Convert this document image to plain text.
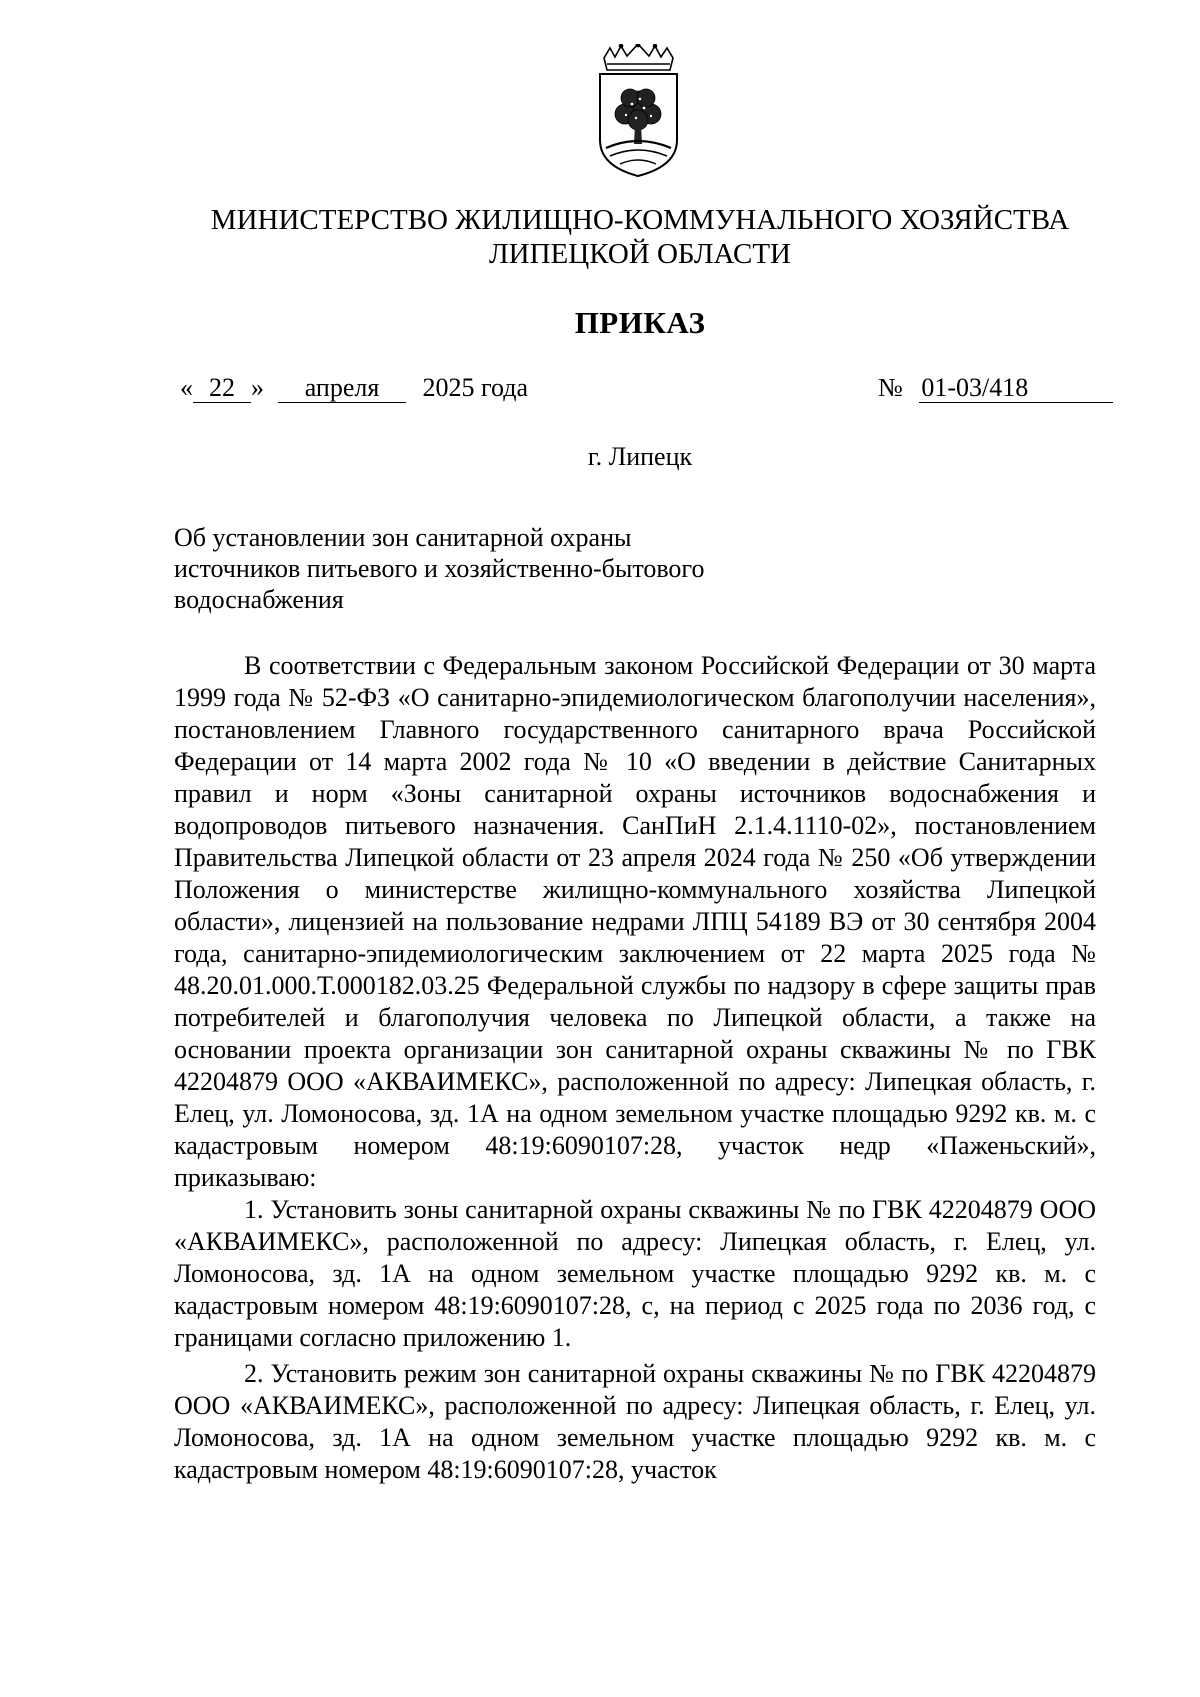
МИНИСТЕРСТВО ЖИЛИЩНО-КОММУНАЛЬНОГО ХОЗЯЙСТВА
ЛИПЕЦКОЙ ОБЛАСТИ
ПРИКАЗ
« 22 » апреля 2025 года	№ 01-03/418
г. Липецк
Об установлении зон санитарной охраны
источников питьевого и хозяйственно-бытового
водоснабжения

В соответствии с Федеральным законом Российской Федерации от 30 марта 1999 года № 52-ФЗ «О санитарно-эпидемиологическом благополучии населения», постановлением Главного государственного санитарного врача Российской Федерации от 14 марта 2002 года № 10 «О введении в действие Санитарных правил и норм «Зоны санитарной охраны источников водоснабжения и водопроводов питьевого назначения. СанПиН 2.1.4.1110-02», постановлением Правительства Липецкой области от 23 апреля 2024 года № 250 «Об утверждении Положения о министерстве жилищно-коммунального хозяйства Липецкой области», лицензией на пользование недрами ЛПЦ 54189 ВЭ от 30 сентября 2004 года, санитарно-эпидемиологическим заключением от 22 марта 2025 года № 48.20.01.000.Т.000182.03.25 Федеральной службы по надзору в сфере защиты прав потребителей и благополучия человека по Липецкой области, а также на основании проекта организации зон санитарной охраны скважины № по ГВК 42204879 ООО «АКВАИМЕКС», расположенной по адресу: Липецкая область, г. Елец, ул. Ломоносова, зд. 1А на одном земельном участке площадью 9292 кв. м. с кадастровым номером 48:19:6090107:28, участок недр «Паженьский», приказываю:

1. Установить зоны санитарной охраны скважины № по ГВК 42204879 ООО «АКВАИМЕКС», расположенной по адресу: Липецкая область, г. Елец, ул. Ломоносова, зд. 1А на одном земельном участке площадью 9292 кв. м. с кадастровым номером 48:19:6090107:28, с, на период с 2025 года по 2036 год, с границами согласно приложению 1.

2. Установить режим зон санитарной охраны скважины № по ГВК 42204879 ООО «АКВАИМЕКС», расположенной по адресу: Липецкая область, г. Елец, ул. Ломоносова, зд. 1А на одном земельном участке площадью 9292 кв. м. с кадастровым номером 48:19:6090107:28, участок
